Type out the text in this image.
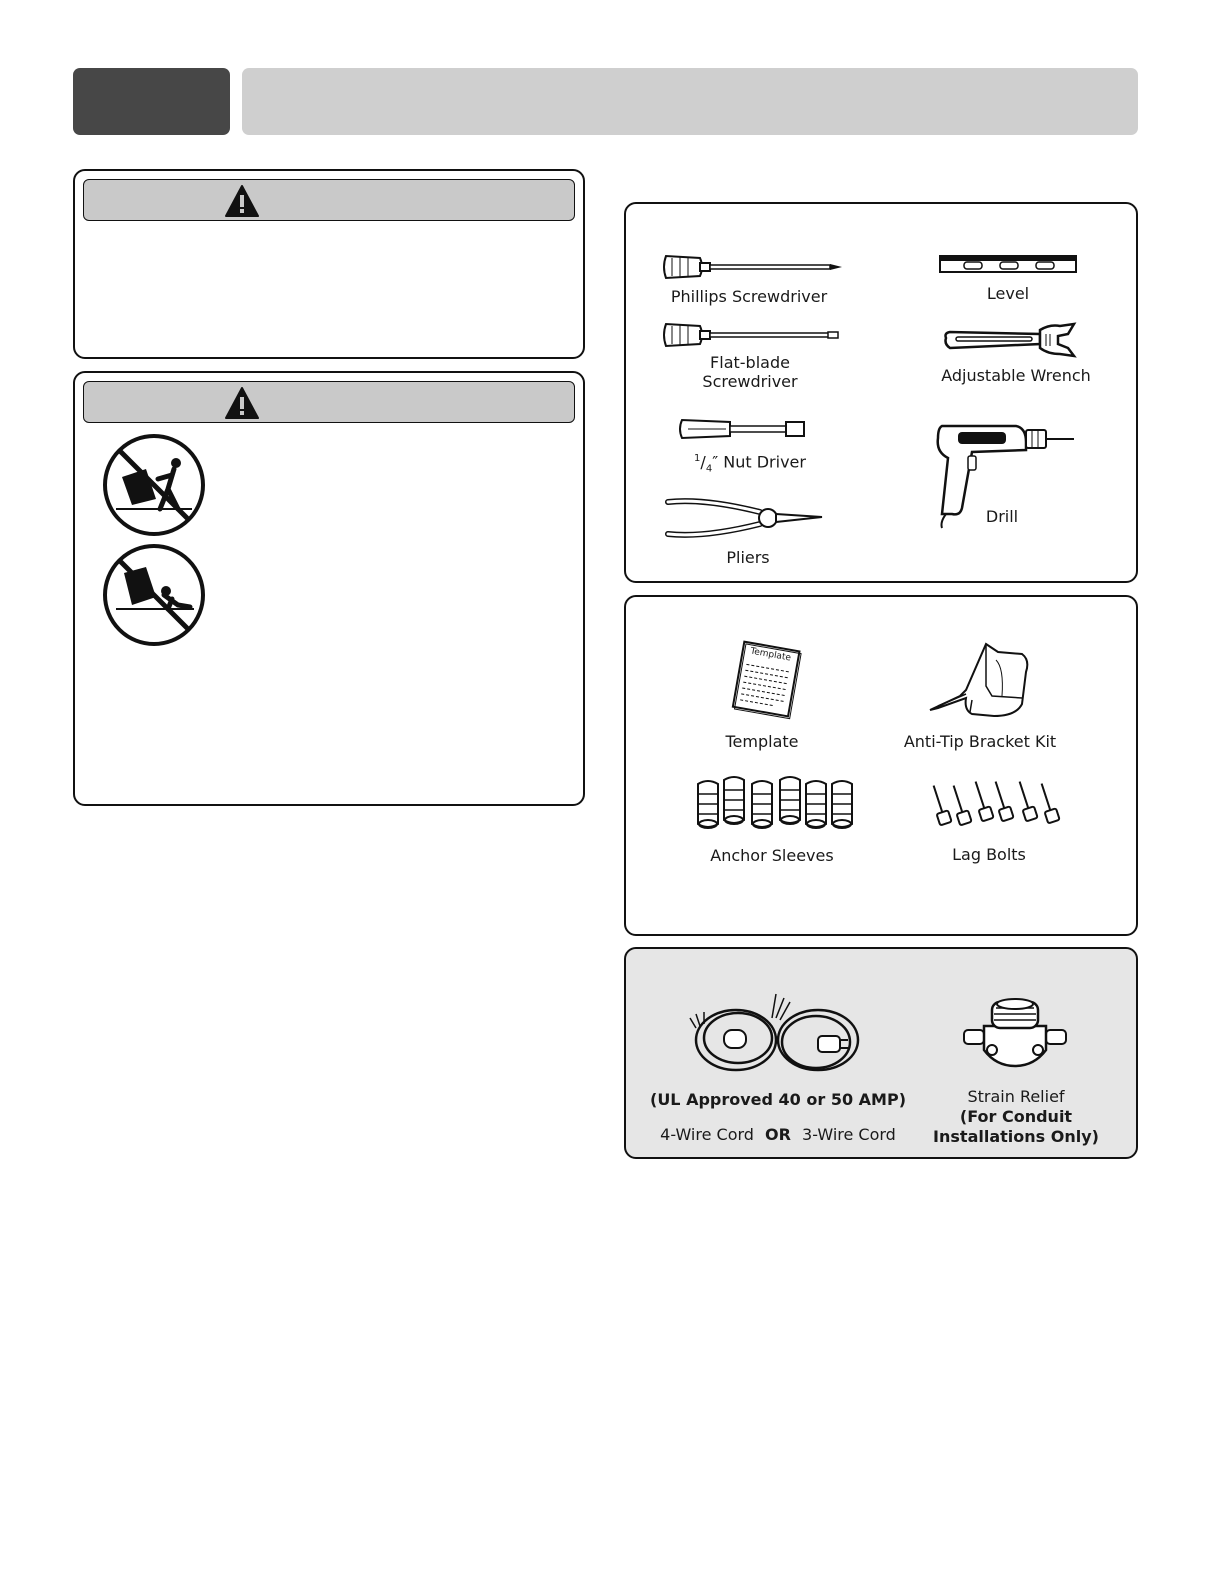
Phillips Screwdriver
Flat-blade
Screwdriver
$^1/_4''$ Nut Driver
Pliers
Level
Adjustable Wrench
Drill
Template
Template	Anti-Tip Bracket Kit
Anchor Sleeves	Lag Bolts
(UL Approved 40 or 50 AMP)
4-Wire Cord OR 3-Wire Cord
Strain Relief
(For Conduit
Installations Only)
